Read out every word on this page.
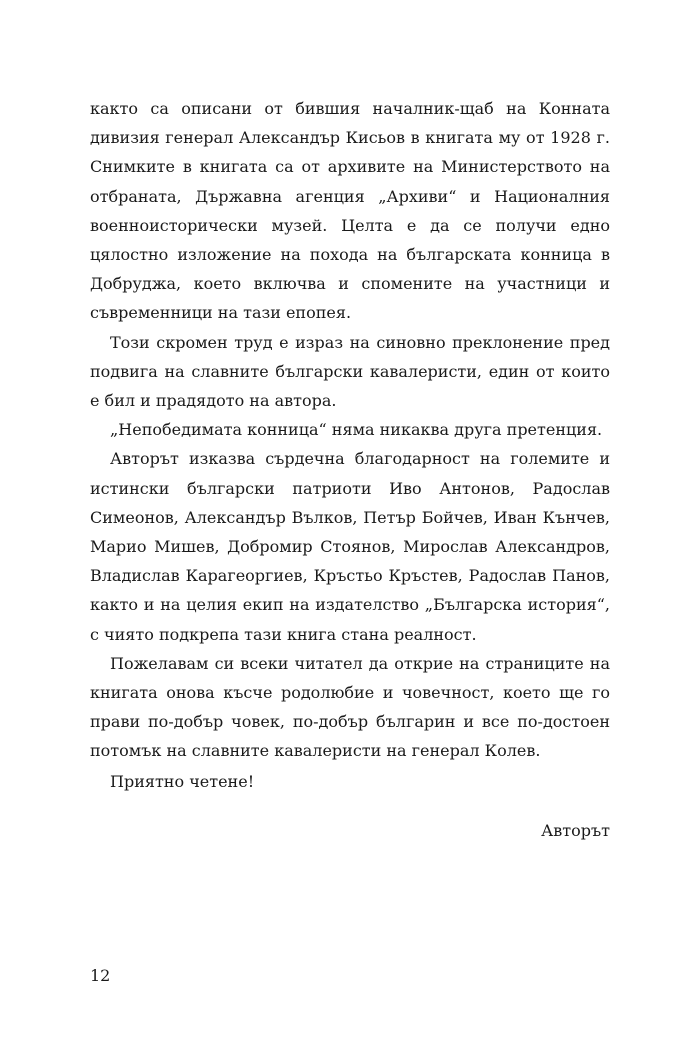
както са описани от бившия началник-щаб на Конната дивизия генерал Александър Кисьов в книгата му от 1928 г. Снимките в книгата са от архивите на Министерството на отбраната, Държавна агенция „Архиви“ и Националния военноисторически музей. Целта е да се получи едно цялостно изложение на похода на българската конница в Добруджа, което включва и спомените на участници и съвременници на тази епопея.

Този скромен труд е израз на синовно преклонение пред подвига на славните български кавалеристи, един от които е бил и прадядото на автора.

„Непобедимата конница“ няма никаква друга претенция.

Авторът изказва сърдечна благодарност на големите и истински български патриоти Иво Антонов, Радослав Симеонов, Александър Вълков, Петър Бойчев, Иван Кънчев, Марио Мишев, Добромир Стоянов, Мирослав Александров, Владислав Карагеоргиев, Кръстьо Кръстев, Радослав Панов, както и на целия екип на издателство „Българска история“, с чиято подкрепа тази книга стана реалност.

Пожелавам си всеки читател да открие на страниците на книгата онова късче родолюбие и човечност, което ще го прави по-добър човек, по-добър българин и все по-достоен потомък на славните кавалеристи на генерал Колев.

Приятно четене!

Авторът

12
